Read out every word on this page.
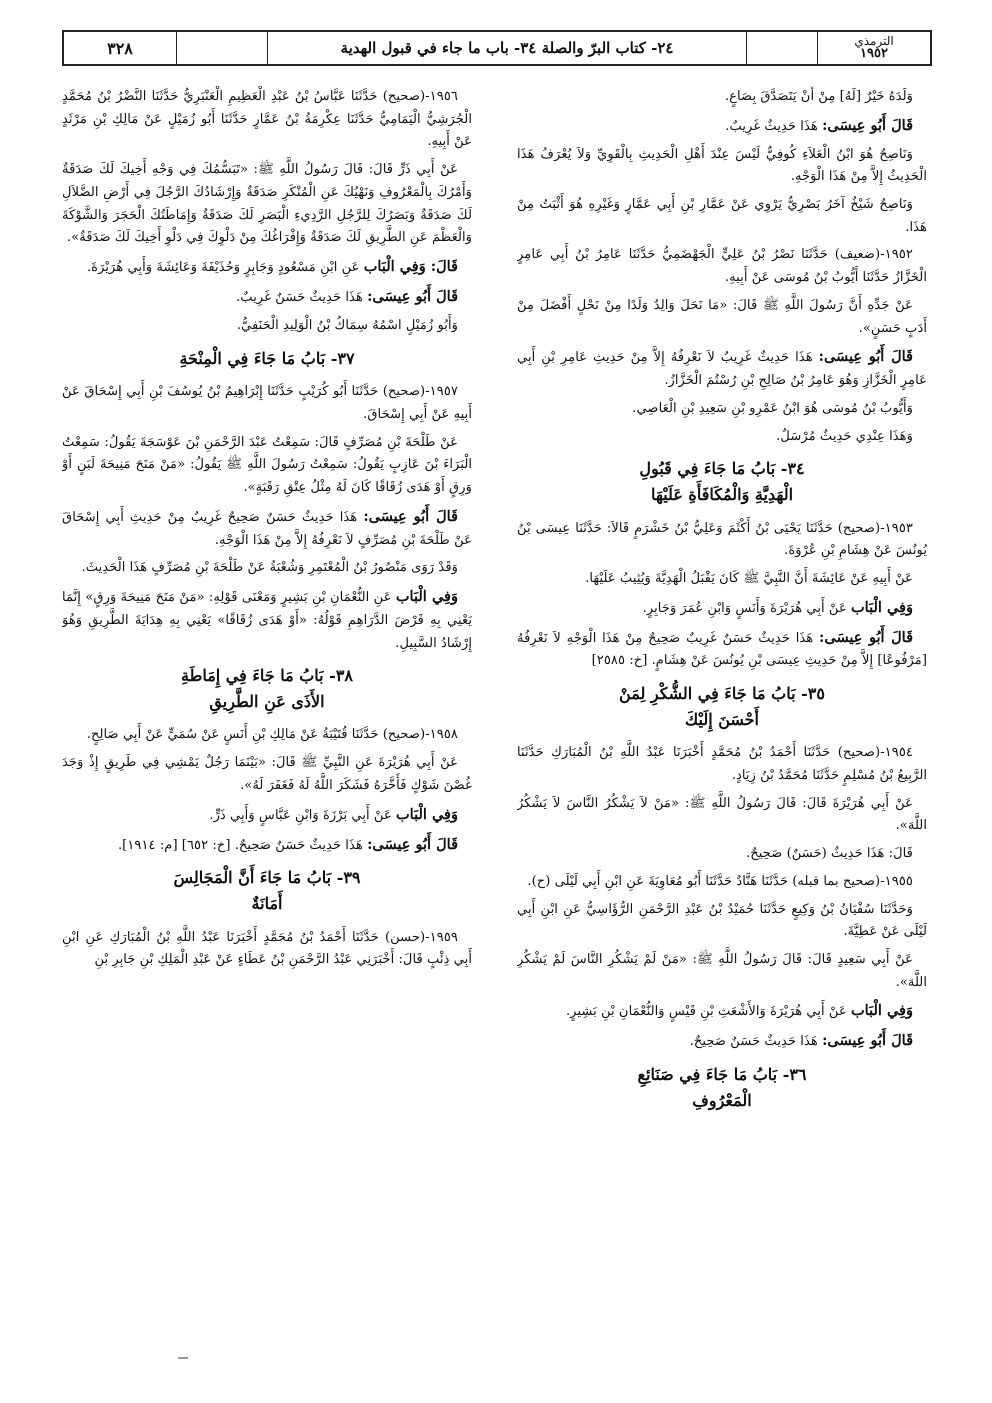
الترمذي
١٩٥٢
٢٤- كتاب البرّ والصلة ٣٤- باب ما جاء في قبول الهدية
٣٢٨

وَلَدَهُ خَيْرٌ [لَهُ] مِنْ أَنْ يَتَصَدَّقَ بِصَاعٍ.

قَالَ أَبُو عِيسَى: هَذَا حَدِيثٌ غَرِيبٌ.

وَنَاصِحٌ هُوَ ابْنُ الْعَلاَءِ كُوفِيٌّ لَيْسَ عِنْدَ أَهْلِ الْحَدِيثِ بِالْقَوِيِّ وَلاَ يُعْرَفُ هَذَا الْحَدِيثُ إِلاَّ مِنْ هَذَا الْوَجْهِ.

وَنَاصِحٌ شَيْخٌ آخَرُ بَصْرِيٌّ يَرْوِي عَنْ عَمَّارِ بْنِ أَبِي عَمَّارٍ وَغَيْرِهِ هُوَ أَثْبَتُ مِنْ هَذَا.

١٩٥٢-(ضعيف) حَدَّثَنَا نَصْرُ بْنُ عَلِيٍّ الْجَهْضَمِيُّ حَدَّثَنَا عَامِرُ بْنُ أَبِي عَامِرٍ الْخَزَّازُ حَدَّثَنَا أَيُّوبُ بْنُ مُوسَى عَنْ أَبِيهِ.

عَنْ جَدِّهِ أَنَّ رَسُولَ اللَّهِ ﷺ قَالَ: «مَا نَحَلَ وَالِدٌ وَلَدًا مِنْ نَحْلٍ أَفْضَلَ مِنْ أَدَبٍ حَسَنٍ».

قَالَ أَبُو عِيسَى: هَذَا حَدِيثٌ غَرِيبٌ لاَ نَعْرِفُهُ إِلاَّ مِنْ حَدِيثِ عَامِرِ بْنِ أَبِي عَامِرٍ الْخَزَّازِ وَهُوَ عَامِرُ بْنُ صَالِحِ بْنِ رُسْتُمَ الْخَزَّازُ.

وَأَيُّوبُ بْنُ مُوسَى هُوَ ابْنُ عَمْرِو بْنِ سَعِيدِ بْنِ الْعَاصِي.

وَهَذَا عِنْدِي حَدِيثٌ مُرْسَلٌ.

٣٤- بَابُ مَا جَاءَ فِي قَبُولِ
الْهَدِيَّةِ وَالْمُكَافَأَةِ عَلَيْهَا

١٩٥٣-(صحيح) حَدَّثَنَا يَحْيَى بْنُ أَكْثَمَ وَعَلِيُّ بْنُ خَشْرَمٍ قَالاَ: حَدَّثَنَا عِيسَى بْنُ يُونُسَ عَنْ هِشَامِ بْنِ عُرْوَةَ.

عَنْ أَبِيهِ عَنْ عَائِشَةَ أَنَّ النَّبِيَّ ﷺ كَانَ يَقْبَلُ الْهَدِيَّةَ وَيُثِيبُ عَلَيْهَا.

وَفِي الْبَاب عَنْ أَبِي هُرَيْرَةَ وَأَنَسٍ وَابْنِ عُمَرَ وَجَابِرٍ.

قَالَ أَبُو عِيسَى: هَذَا حَدِيثٌ حَسَنٌ غَرِيبٌ صَحِيحٌ مِنْ هَذَا الْوَجْهِ لاَ نَعْرِفُهُ [مَرْفُوعًا] إِلاَّ مِنْ حَدِيثِ عِيسَى بْنِ يُونُسَ عَنْ هِشَامٍ. [خ: ٢٥٨٥]

٣٥- بَابُ مَا جَاءَ فِي الشُّكْرِ لِمَنْ
أَحْسَنَ إِلَيْكَ

١٩٥٤-(صحيح) حَدَّثَنَا أَحْمَدُ بْنُ مُحَمَّدٍ أَخْبَرَنَا عَبْدُ اللَّهِ بْنُ الْمُبَارَكِ حَدَّثَنَا الرَّبِيعُ بْنُ مُسْلِمٍ حَدَّثَنَا مُحَمَّدُ بْنُ زِيَادٍ.

عَنْ أَبِي هُرَيْرَةَ قَالَ: قَالَ رَسُولُ اللَّهِ ﷺ: «مَنْ لاَ يَشْكُرُ النَّاسَ لاَ يَشْكُرُ اللَّهَ».

قَالَ: هَذَا حَدِيثٌ (حَسَنٌ) صَحِيحٌ.

١٩٥٥-(صحيح بما قبله) حَدَّثَنَا هَنَّادٌ حَدَّثَنَا أَبُو مُعَاوِيَةَ عَنِ ابْنِ أَبِي لَيْلَى (ح).

وَحَدَّثَنَا سُفْيَانُ بْنُ وَكِيعٍ حَدَّثَنَا حُمَيْدُ بْنُ عَبْدِ الرَّحْمَنِ الرُّؤَاسِيُّ عَنِ ابْنِ أَبِي لَيْلَى عَنْ عَطِيَّةَ.

عَنْ أَبِي سَعِيدٍ قَالَ: قَالَ رَسُولُ اللَّهِ ﷺ: «مَنْ لَمْ يَشْكُرِ النَّاسَ لَمْ يَشْكُرِ اللَّهَ».

وَفِي الْبَاب عَنْ أَبِي هُرَيْرَةَ وَالأَشْعَثِ بْنِ قَيْسٍ وَالنُّعْمَانِ بْنِ بَشِيرٍ.

قَالَ أَبُو عِيسَى: هَذَا حَدِيثٌ حَسَنٌ صَحِيحٌ.

٣٦- بَابُ مَا جَاءَ فِي صَنَائِعِ
الْمَعْرُوفِ

١٩٥٦-(صحيح) حَدَّثَنَا عَبَّاسُ بْنُ عَبْدِ الْعَظِيمِ الْعَنْبَرِيُّ حَدَّثَنَا النَّضْرُ بْنُ مُحَمَّدٍ الْجُرَشِيُّ الْيَمَامِيُّ حَدَّثَنَا عِكْرِمَةُ بْنُ عَمَّارٍ حَدَّثَنَا أَبُو زُمَيْلٍ عَنْ مَالِكِ بْنِ مَرْثَدٍ عَنْ أَبِيهِ.

عَنْ أَبِي ذَرٍّ قَالَ: قَالَ رَسُولُ اللَّهِ ﷺ: «تَبَسُّمُكَ فِي وَجْهِ أَخِيكَ لَكَ صَدَقَةٌ وَأَمْرُكَ بِالْمَعْرُوفِ وَنَهْيُكَ عَنِ الْمُنْكَرِ صَدَقَةٌ وَإِرْشَادُكَ الرَّجُلَ فِي أَرْضِ الضَّلاَلِ لَكَ صَدَقَةٌ وَبَصَرُكَ لِلرَّجُلِ الرَّدِيءِ الْبَصَرِ لَكَ صَدَقَةٌ وَإِمَاطَتُكَ الْحَجَرَ وَالشَّوْكَةَ وَالْعَظْمَ عَنِ الطَّرِيقِ لَكَ صَدَقَةٌ وَإِفْرَاغُكَ مِنْ دَلْوِكَ فِي دَلْوِ أَخِيكَ لَكَ صَدَقَةٌ».

قَالَ: وَفِي الْبَاب عَنِ ابْنِ مَسْعُودٍ وَجَابِرٍ وَحُذَيْفَةَ وَعَائِشَةَ وَأَبِي هُرَيْرَةَ.

قَالَ أَبُو عِيسَى: هَذَا حَدِيثٌ حَسَنٌ غَرِيبٌ.

وَأَبُو زُمَيْلٍ اسْمُهُ سِمَاكُ بْنُ الْوَلِيدِ الْحَنَفِيُّ.

٣٧- بَابُ مَا جَاءَ فِي الْمِنْحَةِ

١٩٥٧-(صحيح) حَدَّثَنَا أَبُو كُرَيْبٍ حَدَّثَنَا إِبْرَاهِيمُ بْنُ يُوسُفَ بْنِ أَبِي إِسْحَاقَ عَنْ أَبِيهِ عَنْ أَبِي إِسْحَاقَ.

عَنْ طَلْحَةَ بْنِ مُصَرِّفٍ قَالَ: سَمِعْتُ عَبْدَ الرَّحْمَنِ بْنَ عَوْسَجَةَ يَقُولُ: سَمِعْتُ الْبَرَاءَ بْنَ عَازِبٍ يَقُولُ: سَمِعْتُ رَسُولَ اللَّهِ ﷺ يَقُولُ: «مَنْ مَنَحَ مَنِيحَةَ لَبَنٍ أَوْ وَرِقٍ أَوْ هَدَى زُقَاقًا كَانَ لَهُ مِثْلُ عِتْقِ رَقَبَةٍ».

قَالَ أَبُو عِيسَى: هَذَا حَدِيثٌ حَسَنٌ صَحِيحٌ غَرِيبٌ مِنْ حَدِيثِ أَبِي إِسْحَاقَ عَنْ طَلْحَةَ بْنِ مُصَرِّفٍ لاَ نَعْرِفُهُ إِلاَّ مِنْ هَذَا الْوَجْهِ.

وَقَدْ رَوَى مَنْصُورُ بْنُ الْمُعْتَمِرِ وَشُعْبَةُ عَنْ طَلْحَةَ بْنِ مُصَرِّفٍ هَذَا الْحَدِيثَ.

وَفِي الْبَاب عَنِ النُّعْمَانِ بْنِ بَشِيرٍ وَمَعْنَى قَوْلِهِ: «مَنْ مَنَحَ مَنِيحَةَ وَرِقٍ» إِنَّمَا يَعْنِي بِهِ قَرْضَ الدَّرَاهِمِ قَوْلُهُ: «أَوْ هَدَى زُقَاقًا» يَعْنِي بِهِ هِدَايَةَ الطَّرِيقِ وَهُوَ إِرْشَادُ السَّبِيلِ.

٣٨- بَابُ مَا جَاءَ فِي إِمَاطَةِ
الأَذَى عَنِ الطَّرِيقِ

١٩٥٨-(صحيح) حَدَّثَنَا قُتَيْبَةُ عَنْ مَالِكِ بْنِ أَنَسٍ عَنْ سُمَيٍّ عَنْ أَبِي صَالِحٍ.

عَنْ أَبِي هُرَيْرَةَ عَنِ النَّبِيِّ ﷺ قَالَ: «بَيْنَمَا رَجُلٌ يَمْشِي فِي طَرِيقٍ إِذْ وَجَدَ غُصْنَ شَوْكٍ فَأَخَّرَهُ فَشَكَرَ اللَّهُ لَهُ فَغَفَرَ لَهُ».

وَفِي الْبَاب عَنْ أَبِي بَرْزَةَ وَابْنِ عَبَّاسٍ وَأَبِي ذَرٍّ.

قَالَ أَبُو عِيسَى: هَذَا حَدِيثٌ حَسَنٌ صَحِيحٌ. [خ: ٦٥٢] [م: ١٩١٤].

٣٩- بَابُ مَا جَاءَ أَنَّ الْمَجَالِسَ
أَمَانَةٌ

١٩٥٩-(حسن) حَدَّثَنَا أَحْمَدُ بْنُ مُحَمَّدٍ أَخْبَرَنَا عَبْدُ اللَّهِ بْنُ الْمُبَارَكِ عَنِ ابْنِ أَبِي ذِئْبٍ قَالَ: أَخْبَرَنِي عَبْدُ الرَّحْمَنِ بْنُ عَطَاءٍ عَنْ عَبْدِ الْمَلِكِ بْنِ جَابِرِ بْنِ
